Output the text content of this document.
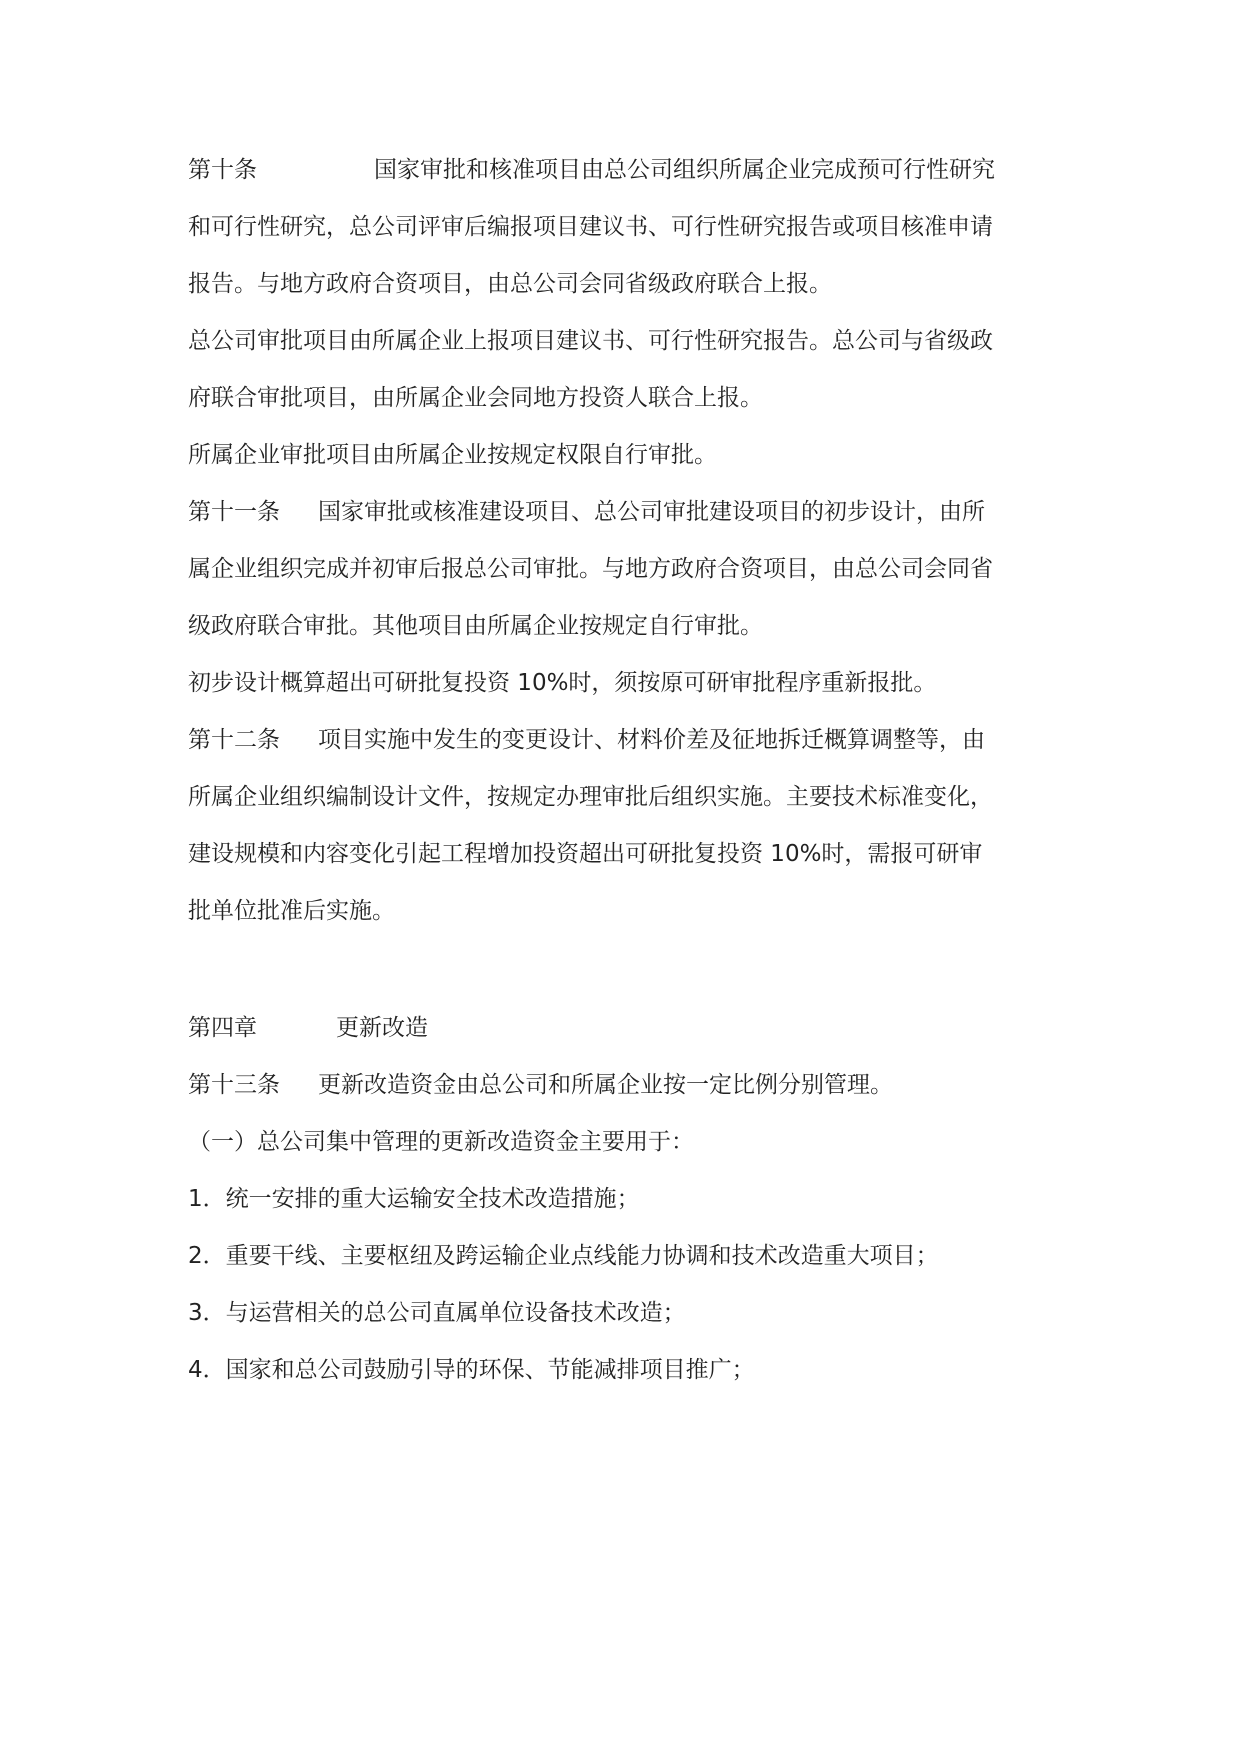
第十条	国家审批和核准项目由总公司组织所属企业完成预可行性研究
和可行性研究，总公司评审后编报项目建议书、可行性研究报告或项目核准申请
报告。与地方政府合资项目，由总公司会同省级政府联合上报。
总公司审批项目由所属企业上报项目建议书、可行性研究报告。总公司与省级政
府联合审批项目，由所属企业会同地方投资人联合上报。
所属企业审批项目由所属企业按规定权限自行审批。
第十一条 国家审批或核准建设项目、总公司审批建设项目的初步设计，由所
属企业组织完成并初审后报总公司审批。与地方政府合资项目，由总公司会同省
级政府联合审批。其他项目由所属企业按规定自行审批。
初步设计概算超出可研批复投资 10%时，须按原可研审批程序重新报批。
第十二条 项目实施中发生的变更设计、材料价差及征地拆迁概算调整等，由
所属企业组织编制设计文件，按规定办理审批后组织实施。主要技术标准变化，
建设规模和内容变化引起工程增加投资超出可研批复投资 10%时，需报可研审
批单位批准后实施。
第四章	更新改造
第十三条 更新改造资金由总公司和所属企业按一定比例分别管理。
（一）总公司集中管理的更新改造资金主要用于：
1．统一安排的重大运输安全技术改造措施；
2．重要干线、主要枢纽及跨运输企业点线能力协调和技术改造重大项目；
3．与运营相关的总公司直属单位设备技术改造；
4．国家和总公司鼓励引导的环保、节能减排项目推广；
